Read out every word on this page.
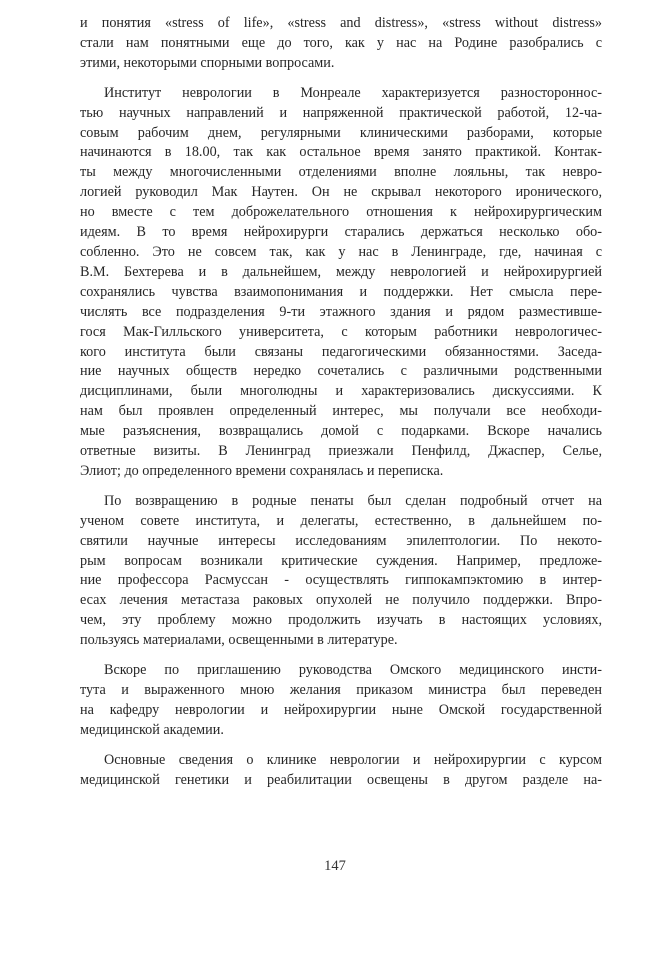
и понятия «stress of life», «stress and distress», «stress without distress»
стали нам понятными еще до того, как у нас на Родине разобрались с
этими, некоторыми спорными вопросами.
Институт неврологии в Монреале характеризуется разностороннос-
тью научных направлений и напряженной практической работой, 12-ча-
совым рабочим днем, регулярными клиническими разборами, которые
начинаются в 18.00, так как остальное время занято практикой. Контак-
ты между многочисленными отделениями вполне лояльны, так невро-
логией руководил Мак Наутен. Он не скрывал некоторого иронического,
но вместе с тем доброжелательного отношения к нейрохирургическим
идеям. В то время нейрохирурги старались держаться несколько обо-
собленно. Это не совсем так, как у нас в Ленинграде, где, начиная с
В.М. Бехтерева и в дальнейшем, между неврологией и нейрохирургией
сохранялись чувства взаимопонимания и поддержки. Нет смысла пере-
числять все подразделения 9-ти этажного здания и рядом разместивше-
гося Мак-Гилльского университета, с которым работники неврологичес-
кого института были связаны педагогическими обязанностями. Заседа-
ние научных обществ нередко сочетались с различными родственными
дисциплинами, были многолюдны и характеризовались дискуссиями. К
нам был проявлен определенный интерес, мы получали все необходи-
мые разъяснения, возвращались домой с подарками. Вскоре начались
ответные визиты. В Ленинград приезжали Пенфилд, Джаспер, Селье,
Элиот; до определенного времени сохранялась и переписка.
По возвращению в родные пенаты был сделан подробный отчет на
ученом совете института, и делегаты, естественно, в дальнейшем по-
святили научные интересы исследованиям эпилептологии. По некото-
рым вопросам возникали критические суждения. Например, предложе-
ние профессора Расмуссан - осуществлять гиппокампэктомию в интер-
есах лечения метастаза раковых опухолей не получило поддержки. Впро-
чем, эту проблему можно продолжить изучать в настоящих условиях,
пользуясь материалами, освещенными в литературе.
Вскоре по приглашению руководства Омского медицинского инсти-
тута и выраженного мною желания приказом министра был переведен
на кафедру неврологии и нейрохирургии ныне Омской государственной
медицинской академии.
Основные сведения о клинике неврологии и нейрохирургии с курсом
медицинской генетики и реабилитации освещены в другом разделе на-
147
